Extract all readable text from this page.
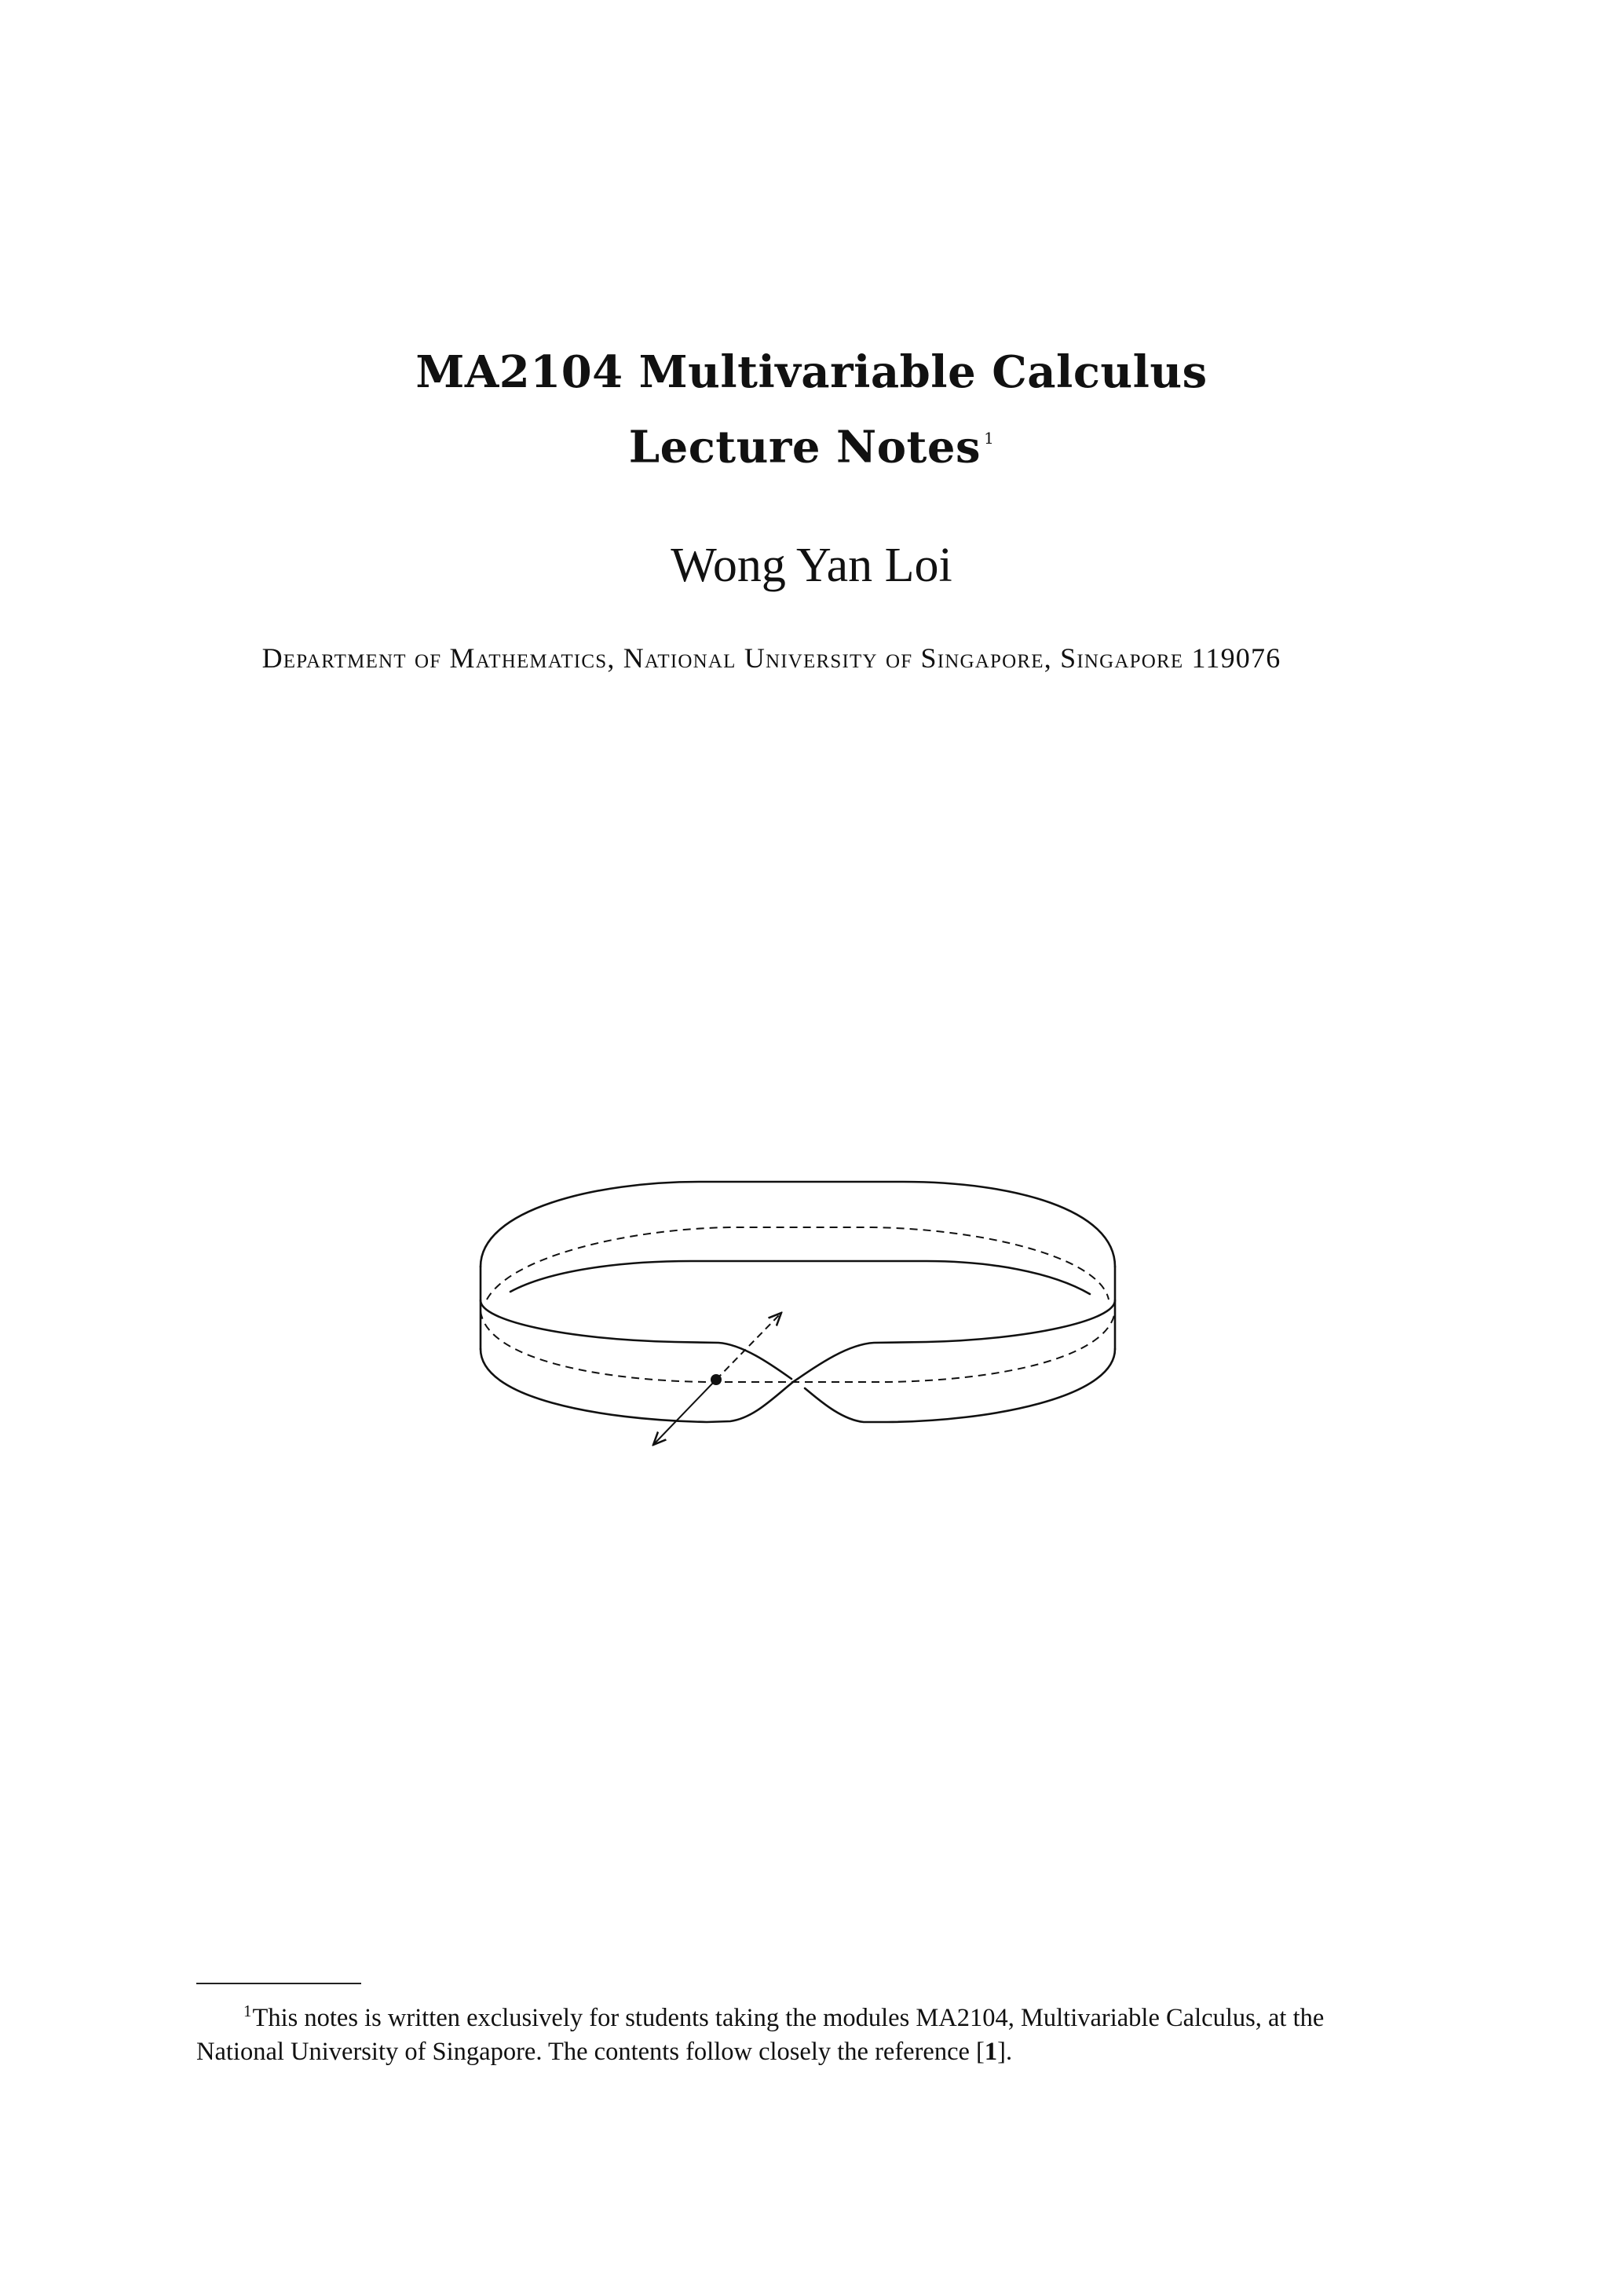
MA2104 Multivariable Calculus
Lecture Notes $^1$
Wong Yan Loi
Department of Mathematics, National University of Singapore, Singapore 119076
$^1$This notes is written exclusively for students taking the modules MA2104, Multivariable Calculus, at the
National University of Singapore. The contents follow closely the reference [1].
